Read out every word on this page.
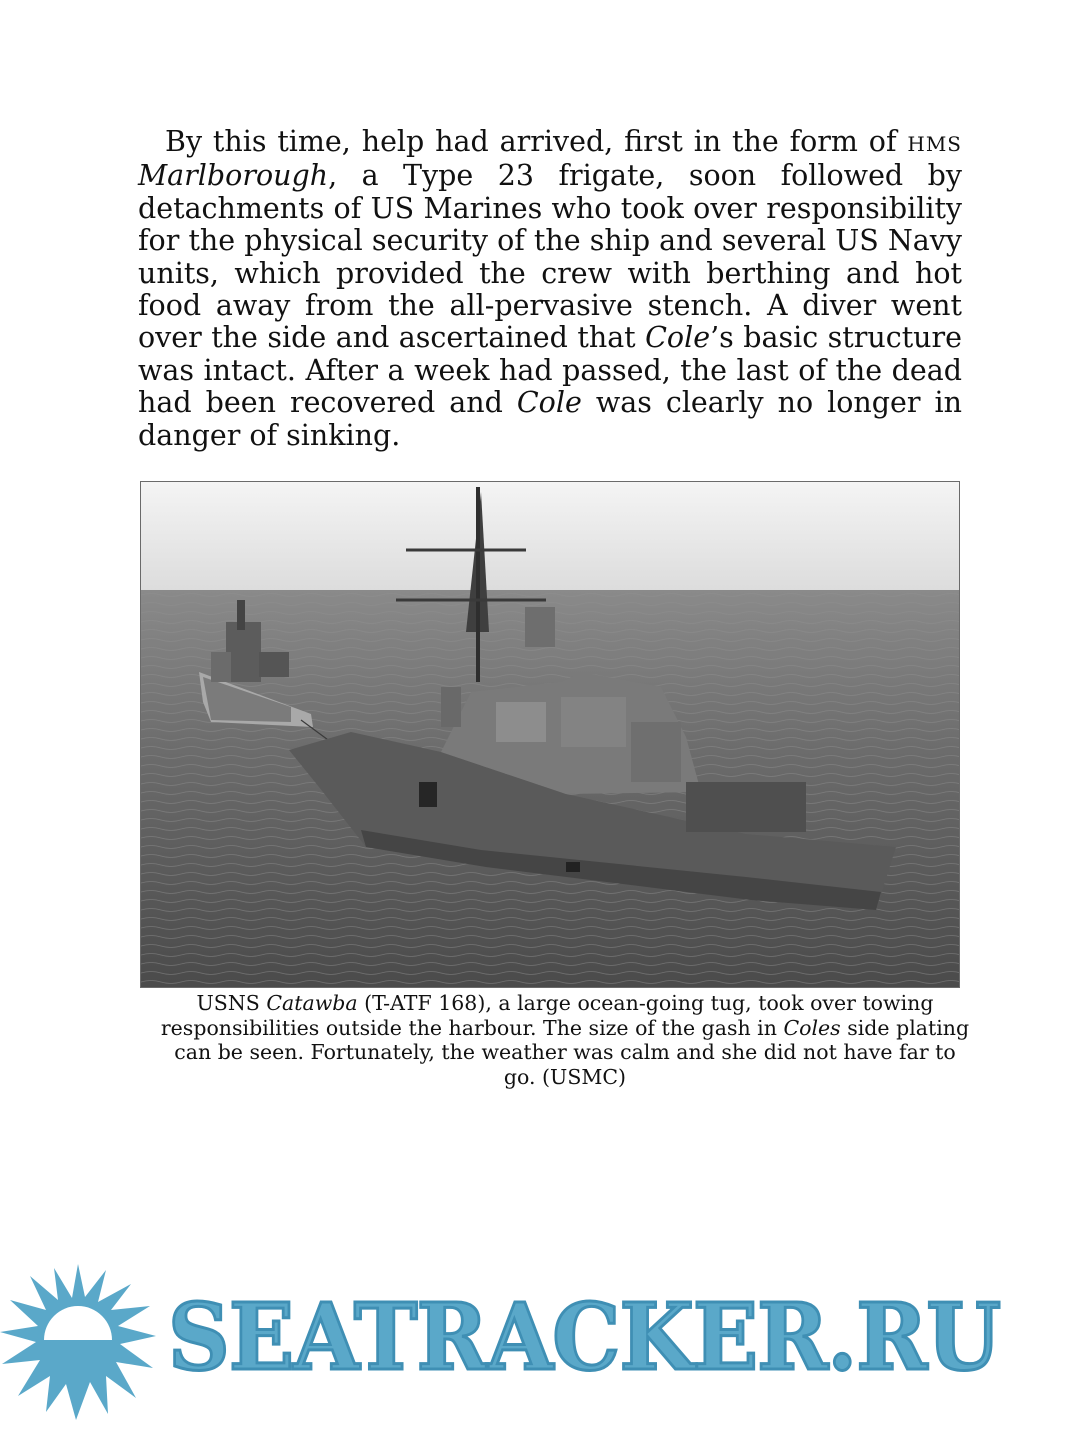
By this time, help had arrived, first in the form of HMS Marlborough, a Type 23 frigate, soon followed by detachments of US Marines who took over responsibility for the physical security of the ship and several US Navy units, which provided the crew with berthing and hot food away from the all-pervasive stench. A diver went over the side and ascertained that Cole’s basic structure was intact. After a week had passed, the last of the dead had been recovered and Cole was clearly no longer in danger of sinking.

USNS Catawba (T-ATF 168), a large ocean-going tug, took over towing responsibilities outside the harbour. The size of the gash in Coles side plating can be seen. Fortunately, the weather was calm and she did not have far to go. (USMC)

SEATRACKER.RU
